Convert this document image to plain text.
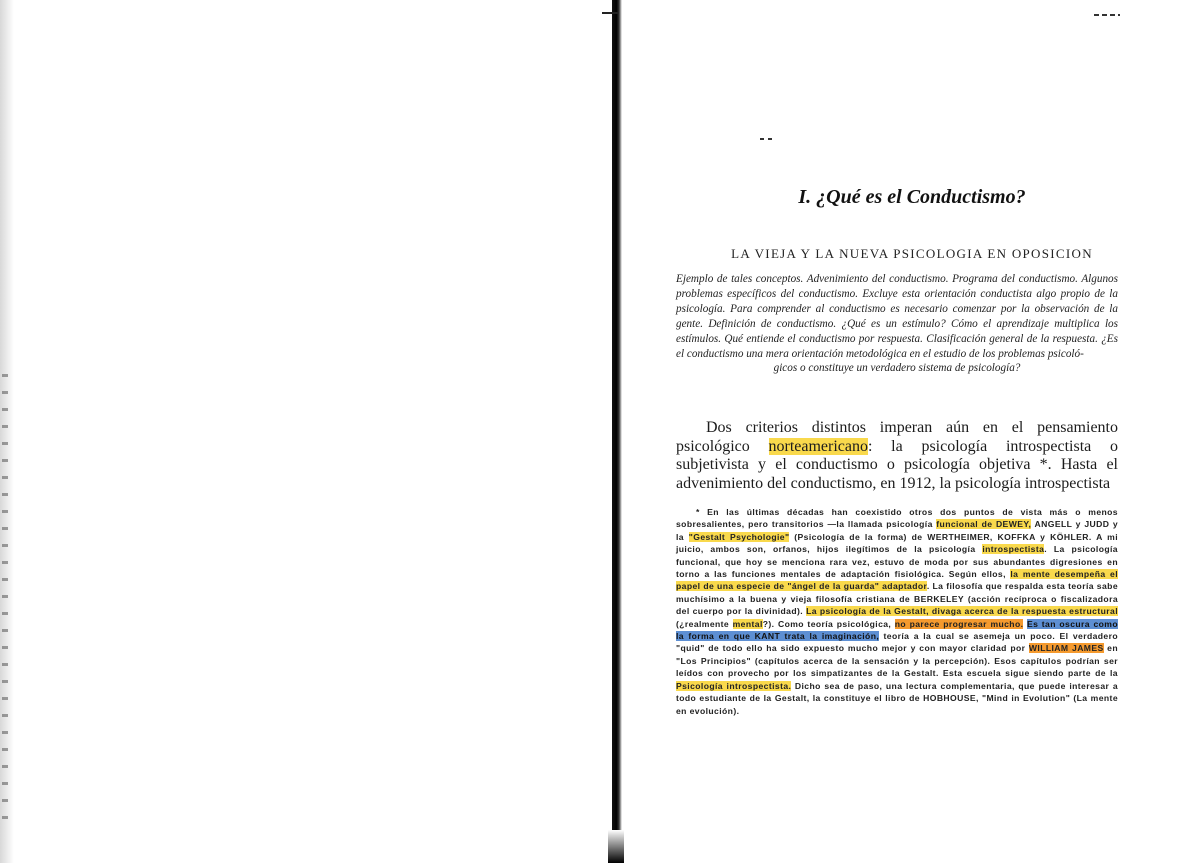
I. ¿Qué es el Conductismo?
LA VIEJA Y LA NUEVA PSICOLOGIA EN OPOSICION
Ejemplo de tales conceptos. Advenimiento del conductismo. Programa del conductismo. Algunos problemas específicos del conductismo. Excluye esta orientación conductista algo propio de la psicología. Para comprender al conductismo es necesario comenzar por la observación de la gente. Definición de conductismo. ¿Qué es un estímulo? Cómo el aprendizaje multiplica los estímulos. Qué entiende el conductismo por respuesta. Clasificación general de la respuesta. ¿Es el conductismo una mera orientación metodológica en el estudio de los problemas psicoló-
gicos o constituye un verdadero sistema de psicología?
Dos criterios distintos imperan aún en el pensamiento psicológico norteamericano: la psicología introspectista o subjetivista y el conductismo o psicología objetiva *. Hasta el advenimiento del conductismo, en 1912, la psicología introspectista
* En las últimas décadas han coexistido otros dos puntos de vista más o menos sobresalientes, pero transitorios —la llamada psicología funcional de DEWEY, ANGELL y JUDD y la "Gestalt Psychologie" (Psicología de la forma) de WERTHEIMER, KOFFKA y KÖHLER. A mi juicio, ambos son, orfanos, hijos ilegítimos de la psicología introspectista. La psicología funcional, que hoy se menciona rara vez, estuvo de moda por sus abundantes digresiones en torno a las funciones mentales de adaptación fisiológica. Según ellos, la mente desempeña el papel de una especie de "ángel de la guarda" adaptador. La filosofía que respalda esta teoría sabe muchísimo a la buena y vieja filosofía cristiana de BERKELEY (acción recíproca o fiscalizadora del cuerpo por la divinidad). La psicología de la Gestalt, divaga acerca de la respuesta estructural (¿realmente mental?). Como teoría psicológica, no parece progresar mucho. Es tan oscura como la forma en que KANT trata la imaginación, teoría a la cual se asemeja un poco. El verdadero "quid" de todo ello ha sido expuesto mucho mejor y con mayor claridad por WILLIAM JAMES en "Los Principios" (capítulos acerca de la sensación y la percepción). Esos capítulos podrían ser leídos con provecho por los simpatizantes de la Gestalt. Esta escuela sigue siendo parte de la Psicología introspectista. Dicho sea de paso, una lectura complementaria, que puede interesar a todo estudiante de la Gestalt, la constituye el libro de HOBHOUSE, "Mind in Evolution" (La mente en evolución).
